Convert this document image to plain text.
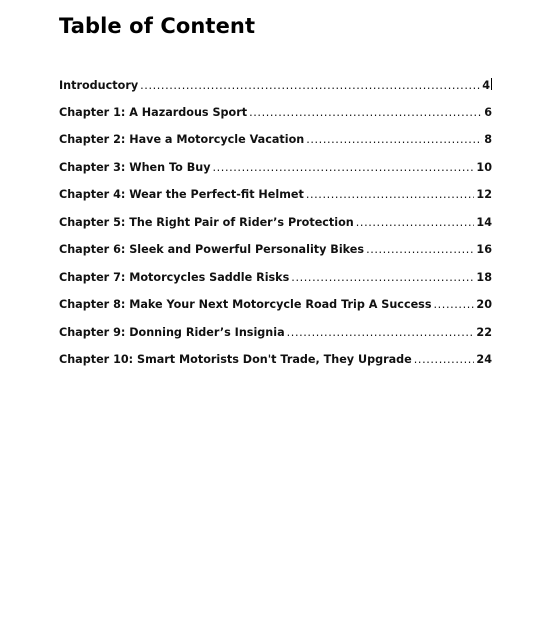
Table of Content
Introductory .....	4
Chapter 1: A Hazardous Sport .....	6
Chapter 2: Have a Motorcycle Vacation .....	8
Chapter 3: When To Buy .....	10
Chapter 4: Wear the Perfect-fit Helmet .....	12
Chapter 5: The Right Pair of Rider’s Protection .....	14
Chapter 6: Sleek and Powerful Personality Bikes .....	16
Chapter 7: Motorcycles Saddle Risks .....	18
Chapter 8: Make Your Next Motorcycle Road Trip A Success .....	20
Chapter 9: Donning Rider’s Insignia .....	22
Chapter 10: Smart Motorists Don't Trade, They Upgrade .....	24
